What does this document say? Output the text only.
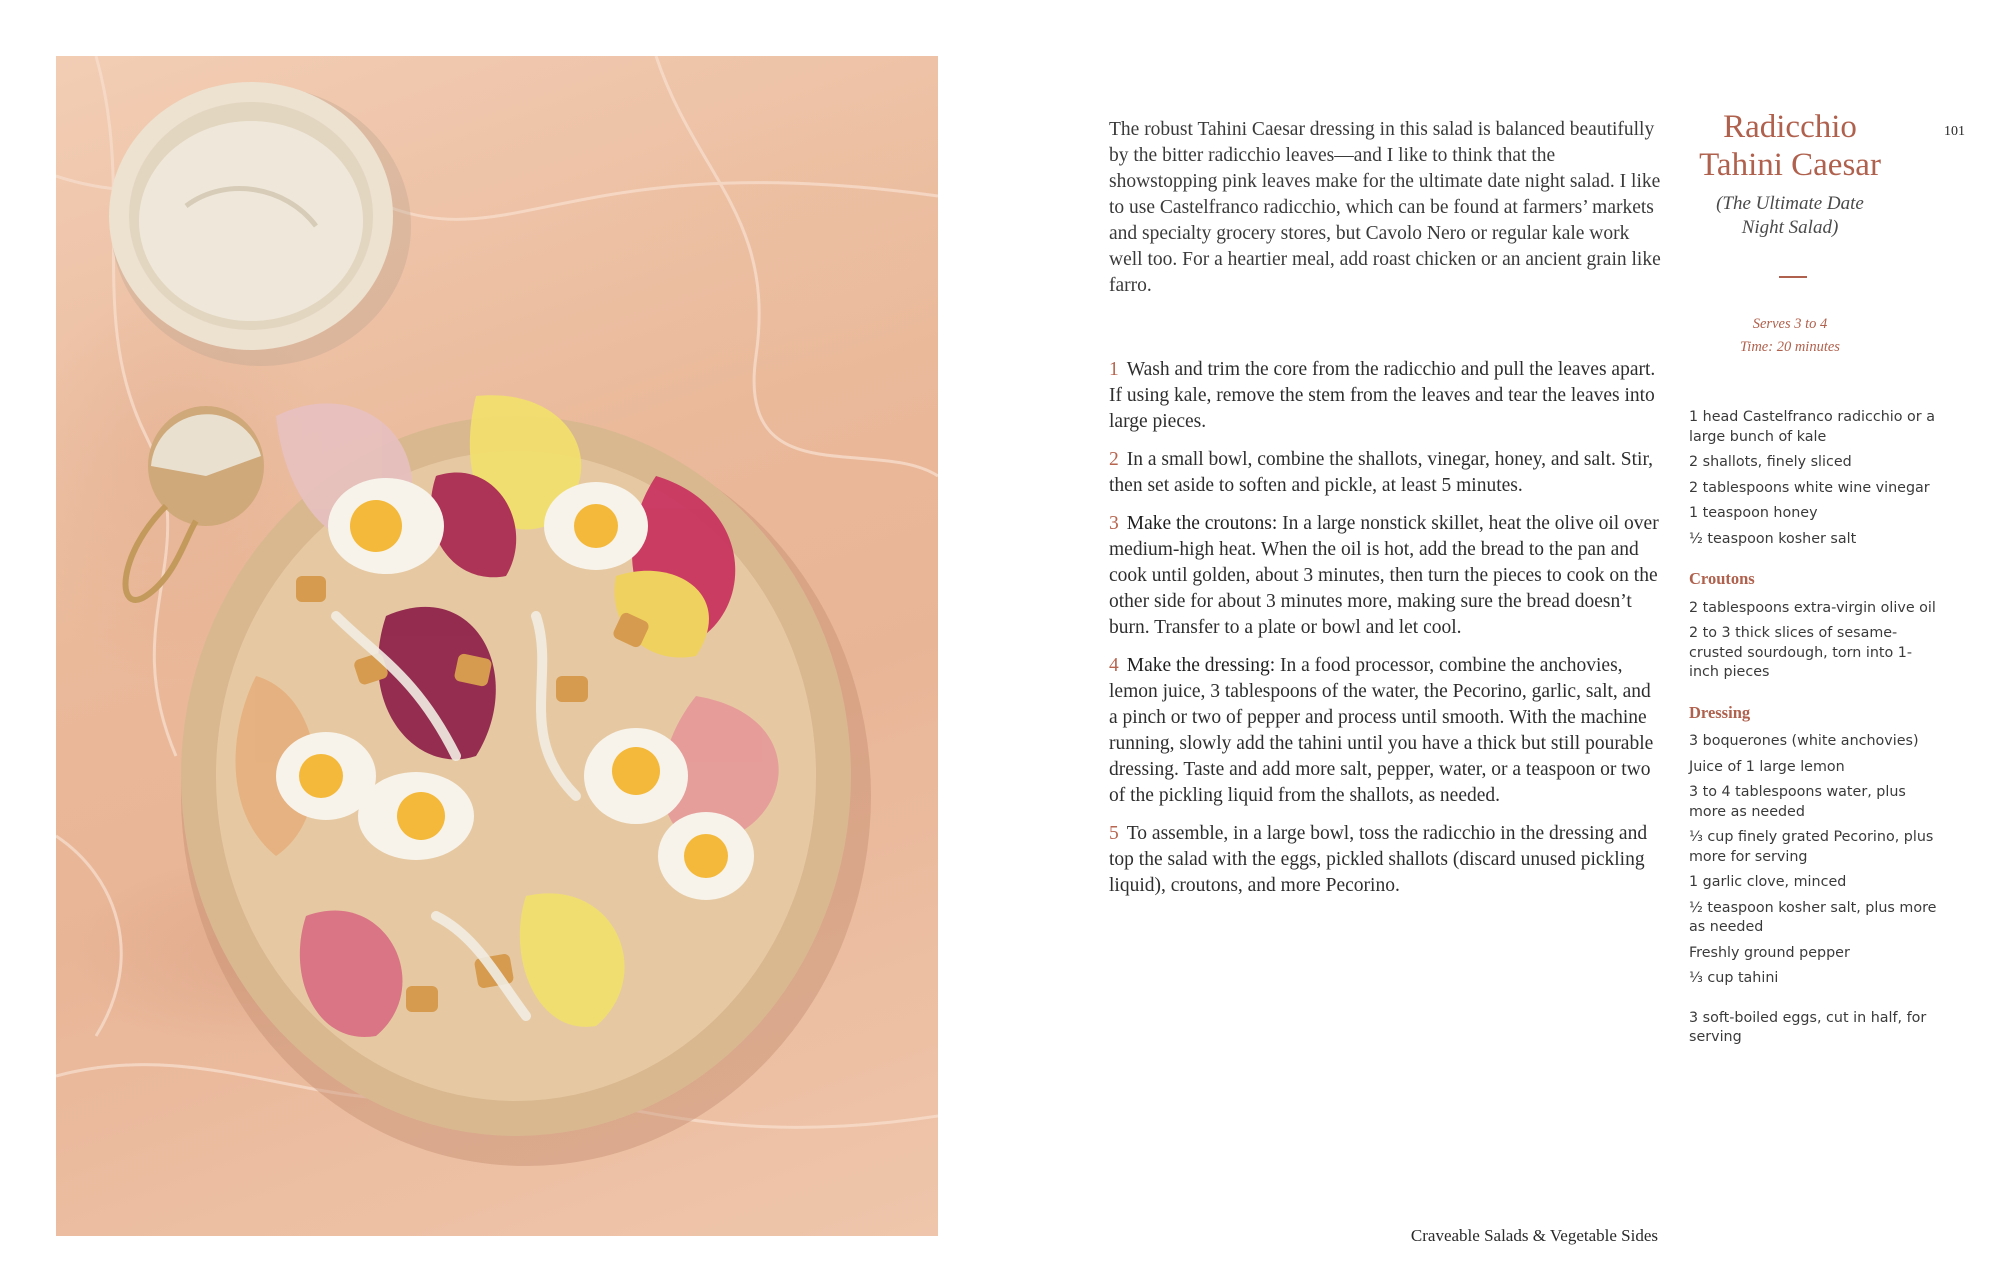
The robust Tahini Caesar dressing in this salad is balanced beautifully by the bitter radicchio leaves—and I like to think that the showstopping pink leaves make for the ultimate date night salad. I like to use Castelfranco radicchio, which can be found at farmers’ markets and specialty grocery stores, but Cavolo Nero or regular kale work well too. For a heartier meal, add roast chicken or an ancient grain like farro.

1 Wash and trim the core from the radicchio and pull the leaves apart. If using kale, remove the stem from the leaves and tear the leaves into large pieces.
2 In a small bowl, combine the shallots, vinegar, honey, and salt. Stir, then set aside to soften and pickle, at least 5 minutes.
3 Make the croutons: In a large nonstick skillet, heat the olive oil over medium-high heat. When the oil is hot, add the bread to the pan and cook until golden, about 3 minutes, then turn the pieces to cook on the other side for about 3 minutes more, making sure the bread doesn’t burn. Transfer to a plate or bowl and let cool.
4 Make the dressing: In a food processor, combine the anchovies, lemon juice, 3 tablespoons of the water, the Pecorino, garlic, salt, and a pinch or two of pepper and process until smooth. With the machine running, slowly add the tahini until you have a thick but still pourable dressing. Taste and add more salt, pepper, water, or a teaspoon or two of the pickling liquid from the shallots, as needed.
5 To assemble, in a large bowl, toss the radicchio in the dressing and top the salad with the eggs, pickled shallots (discard unused pickling liquid), croutons, and more Pecorino.
Radicchio
Tahini Caesar

(The Ultimate Date
Night Salad)

Serves 3 to 4
Time: 20 minutes
101
1 head Castelfranco radicchio or a large bunch of kale
2 shallots, finely sliced
2 tablespoons white wine vinegar
1 teaspoon honey
½ teaspoon kosher salt
Croutons
2 tablespoons extra-virgin olive oil
2 to 3 thick slices of sesame-crusted sourdough, torn into 1-inch pieces
Dressing
3 boquerones (white anchovies)
Juice of 1 large lemon
3 to 4 tablespoons water, plus more as needed
⅓ cup finely grated Pecorino, plus more for serving
1 garlic clove, minced
½ teaspoon kosher salt, plus more as needed
Freshly ground pepper
⅓ cup tahini
3 soft-boiled eggs, cut in half, for serving
Craveable Salads & Vegetable Sides
